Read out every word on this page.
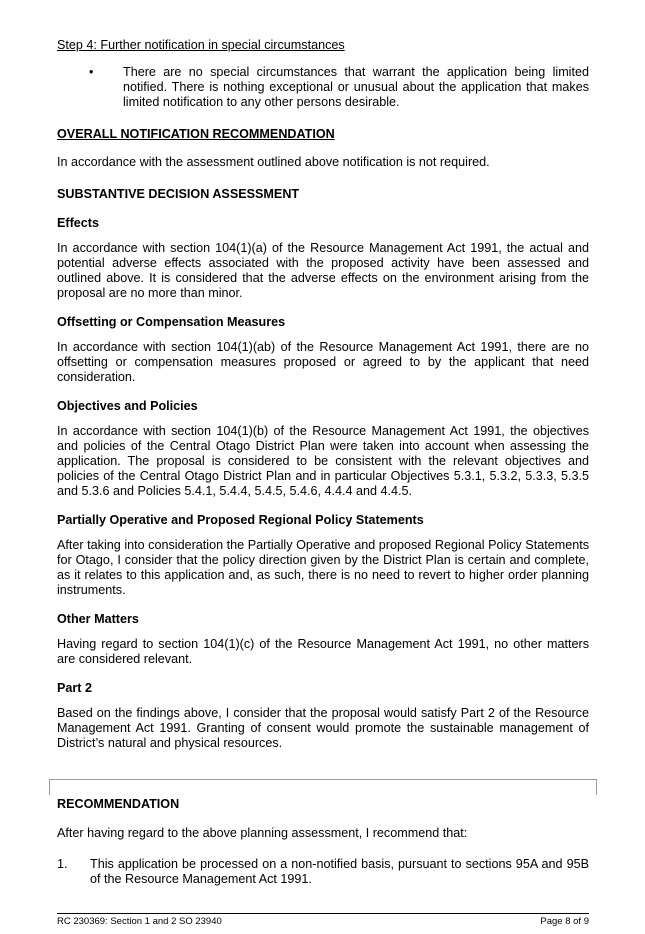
Step 4: Further notification in special circumstances

• There are no special circumstances that warrant the application being limited notified. There is nothing exceptional or unusual about the application that makes limited notification to any other persons desirable.

OVERALL NOTIFICATION RECOMMENDATION

In accordance with the assessment outlined above notification is not required.

SUBSTANTIVE DECISION ASSESSMENT

Effects

In accordance with section 104(1)(a) of the Resource Management Act 1991, the actual and potential adverse effects associated with the proposed activity have been assessed and outlined above. It is considered that the adverse effects on the environment arising from the proposal are no more than minor.

Offsetting or Compensation Measures

In accordance with section 104(1)(ab) of the Resource Management Act 1991, there are no offsetting or compensation measures proposed or agreed to by the applicant that need consideration.

Objectives and Policies

In accordance with section 104(1)(b) of the Resource Management Act 1991, the objectives and policies of the Central Otago District Plan were taken into account when assessing the application. The proposal is considered to be consistent with the relevant objectives and policies of the Central Otago District Plan and in particular Objectives 5.3.1, 5.3.2, 5.3.3, 5.3.5 and 5.3.6 and Policies 5.4.1, 5.4.4, 5.4.5, 5.4.6, 4.4.4 and 4.4.5.

Partially Operative and Proposed Regional Policy Statements

After taking into consideration the Partially Operative and proposed Regional Policy Statements for Otago, I consider that the policy direction given by the District Plan is certain and complete, as it relates to this application and, as such, there is no need to revert to higher order planning instruments.

Other Matters

Having regard to section 104(1)(c) of the Resource Management Act 1991, no other matters are considered relevant.

Part 2

Based on the findings above, I consider that the proposal would satisfy Part 2 of the Resource Management Act 1991. Granting of consent would promote the sustainable management of District’s natural and physical resources.

RECOMMENDATION

After having regard to the above planning assessment, I recommend that:

1. This application be processed on a non-notified basis, pursuant to sections 95A and 95B of the Resource Management Act 1991.

RC 230369: Section 1 and 2 SO 23940	Page 8 of 9
